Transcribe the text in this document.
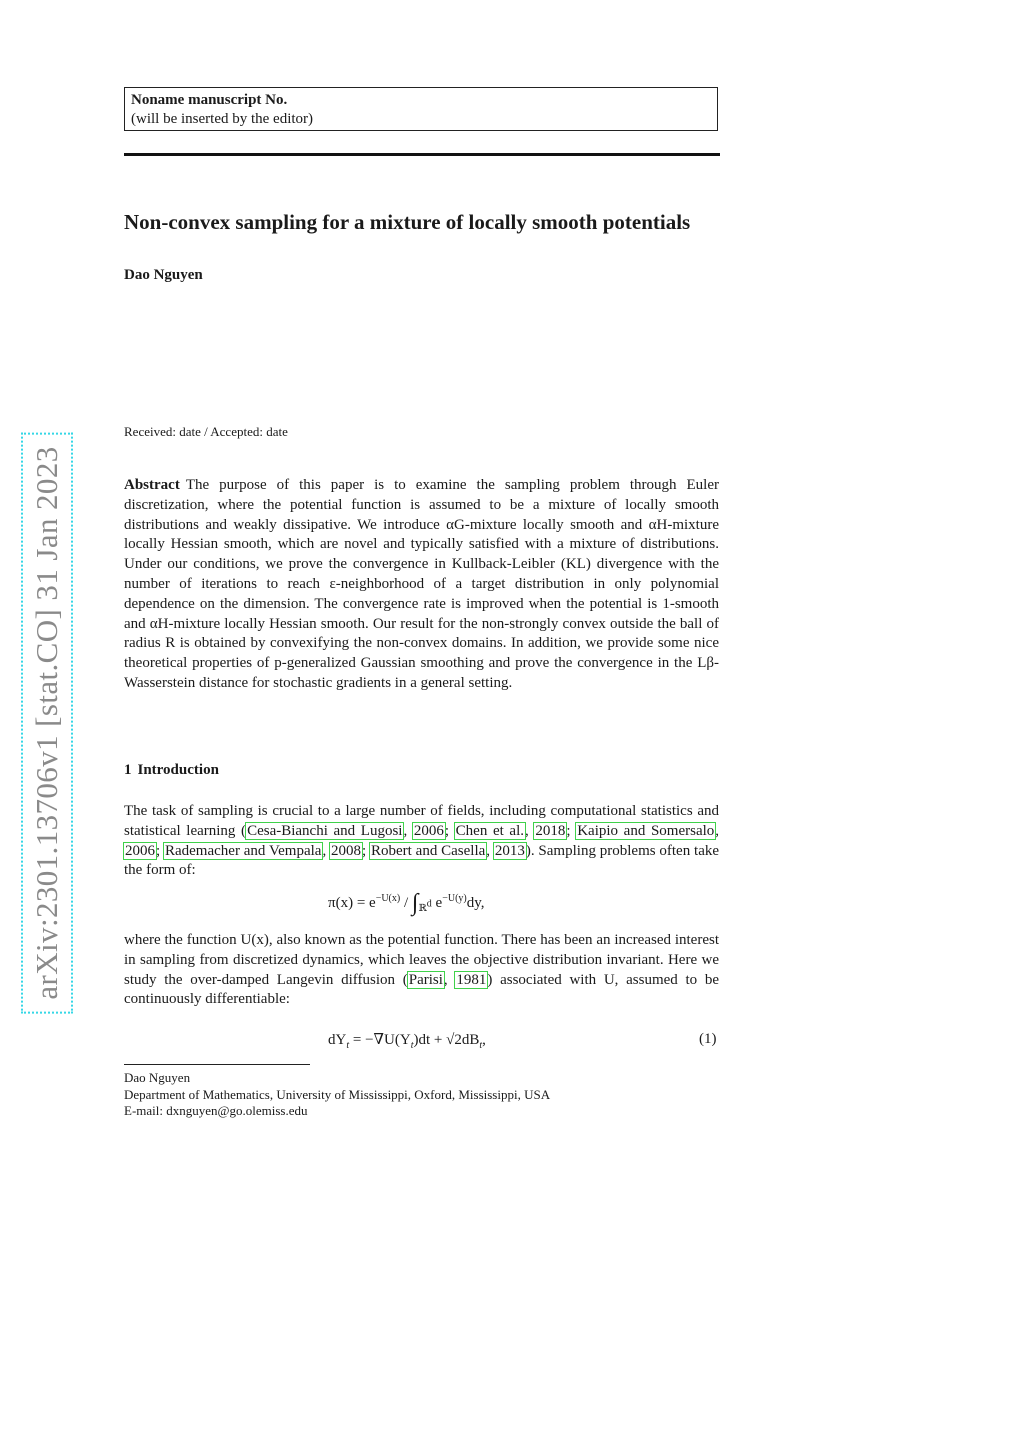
arXiv:2301.13706v1 [stat.CO] 31 Jan 2023
Noname manuscript No.
(will be inserted by the editor)
Non-convex sampling for a mixture of locally smooth potentials
Dao Nguyen
Received: date / Accepted: date
Abstract The purpose of this paper is to examine the sampling problem through Euler discretization, where the potential function is assumed to be a mixture of locally smooth distributions and weakly dissipative. We introduce αG-mixture locally smooth and αH-mixture locally Hessian smooth, which are novel and typically satisfied with a mixture of distributions. Under our conditions, we prove the convergence in Kullback-Leibler (KL) divergence with the number of iterations to reach ε-neighborhood of a target distribution in only polynomial dependence on the dimension. The convergence rate is improved when the potential is 1-smooth and αH-mixture locally Hessian smooth. Our result for the non-strongly convex outside the ball of radius R is obtained by convexifying the non-convex domains. In addition, we provide some nice theoretical properties of p-generalized Gaussian smoothing and prove the convergence in the Lβ-Wasserstein distance for stochastic gradients in a general setting.
1 Introduction
The task of sampling is crucial to a large number of fields, including computational statistics and statistical learning (Cesa-Bianchi and Lugosi, 2006; Chen et al., 2018; Kaipio and Somersalo, 2006; Rademacher and Vempala, 2008; Robert and Casella, 2013). Sampling problems often take the form of:
$\pi(x) = e^{-U(x)} / \int_{ℝ^d}$ $e^{-U(y)}dy$,
where the function U(x), also known as the potential function. There has been an increased interest in sampling from discretized dynamics, which leaves the objective distribution invariant. Here we study the over-damped Langevin diffusion (Parisi, 1981) associated with U, assumed to be continuously differentiable:
$dY_t = -\nabla U(Y_t)dt + √2dB_t$,	(1)
Dao Nguyen
Department of Mathematics, University of Mississippi, Oxford, Mississippi, USA
E-mail: dxnguyen@go.olemiss.edu
